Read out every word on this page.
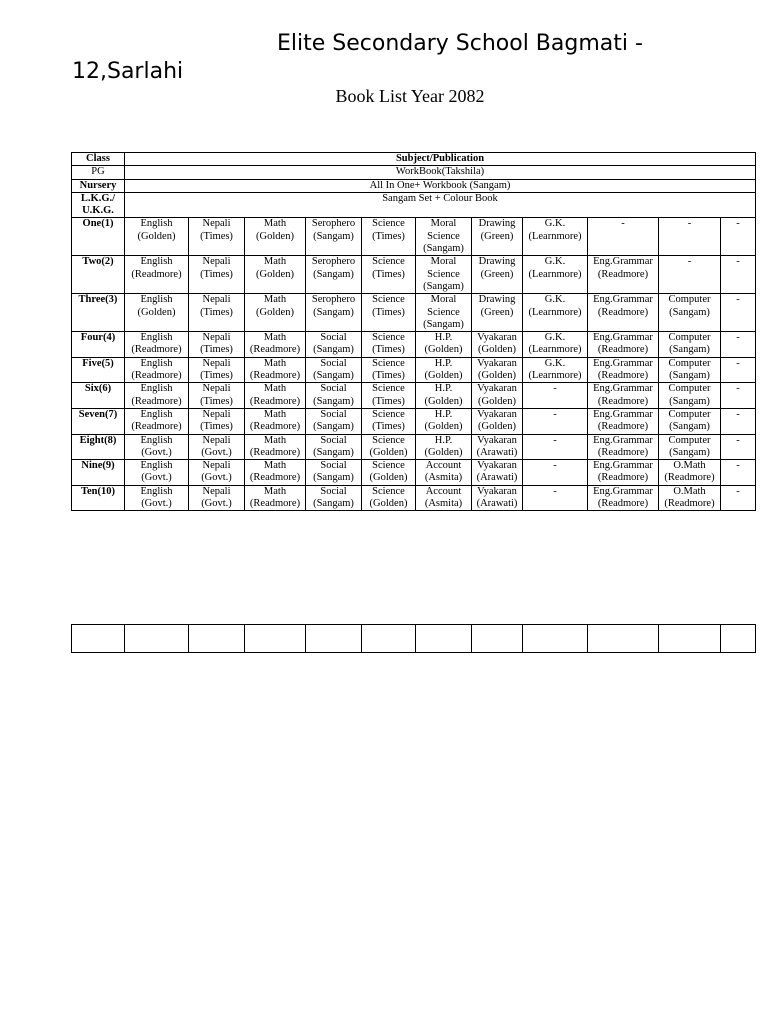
Elite Secondary School Bagmati - 12,Sarlahi
Book List Year 2082
Class	Subject/Publication										
PG	WorkBook(Takshila)										
Nursery	All In One+ Workbook (Sangam)										
L.K.G./ U.K.G.	Sangam Set + Colour Book										
One(1)	English (Golden)	Nepali (Times)	Math (Golden)	Serophero (Sangam)	Science (Times)	Moral Science (Sangam)	Drawing (Green)	G.K. (Learnmore)	-	-	-
Two(2)	English (Readmore)	Nepali (Times)	Math (Golden)	Serophero (Sangam)	Science (Times)	Moral Science (Sangam)	Drawing (Green)	G.K. (Learnmore)	Eng.Grammar (Readmore)	-	-
Three(3)	English (Golden)	Nepali (Times)	Math (Golden)	Serophero (Sangam)	Science (Times)	Moral Science (Sangam)	Drawing (Green)	G.K. (Learnmore)	Eng.Grammar (Readmore)	Computer (Sangam)	-
Four(4)	English (Readmore)	Nepali (Times)	Math (Readmore)	Social (Sangam)	Science (Times)	H.P. (Golden)	Vyakaran (Golden)	G.K. (Learnmore)	Eng.Grammar (Readmore)	Computer (Sangam)	-
Five(5)	English (Readmore)	Nepali (Times)	Math (Readmore)	Social (Sangam)	Science (Times)	H.P. (Golden)	Vyakaran (Golden)	G.K. (Learnmore)	Eng.Grammar (Readmore)	Computer (Sangam)	-
Six(6)	English (Readmore)	Nepali (Times)	Math (Readmore)	Social (Sangam)	Science (Times)	H.P. (Golden)	Vyakaran (Golden)	-	Eng.Grammar (Readmore)	Computer (Sangam)	-
Seven(7)	English (Readmore)	Nepali (Times)	Math (Readmore)	Social (Sangam)	Science (Times)	H.P. (Golden)	Vyakaran (Golden)	-	Eng.Grammar (Readmore)	Computer (Sangam)	-
Eight(8)	English (Govt.)	Nepali (Govt.)	Math (Readmore)	Social (Sangam)	Science (Golden)	H.P. (Golden)	Vyakaran (Arawati)	-	Eng.Grammar (Readmore)	Computer (Sangam)	-
Nine(9)	English (Govt.)	Nepali (Govt.)	Math (Readmore)	Social (Sangam)	Science (Golden)	Account (Asmita)	Vyakaran (Arawati)	-	Eng.Grammar (Readmore)	O.Math (Readmore)	-
Ten(10)	English (Govt.)	Nepali (Govt.)	Math (Readmore)	Social (Sangam)	Science (Golden)	Account (Asmita)	Vyakaran (Arawati)	-	Eng.Grammar (Readmore)	O.Math (Readmore)	-
